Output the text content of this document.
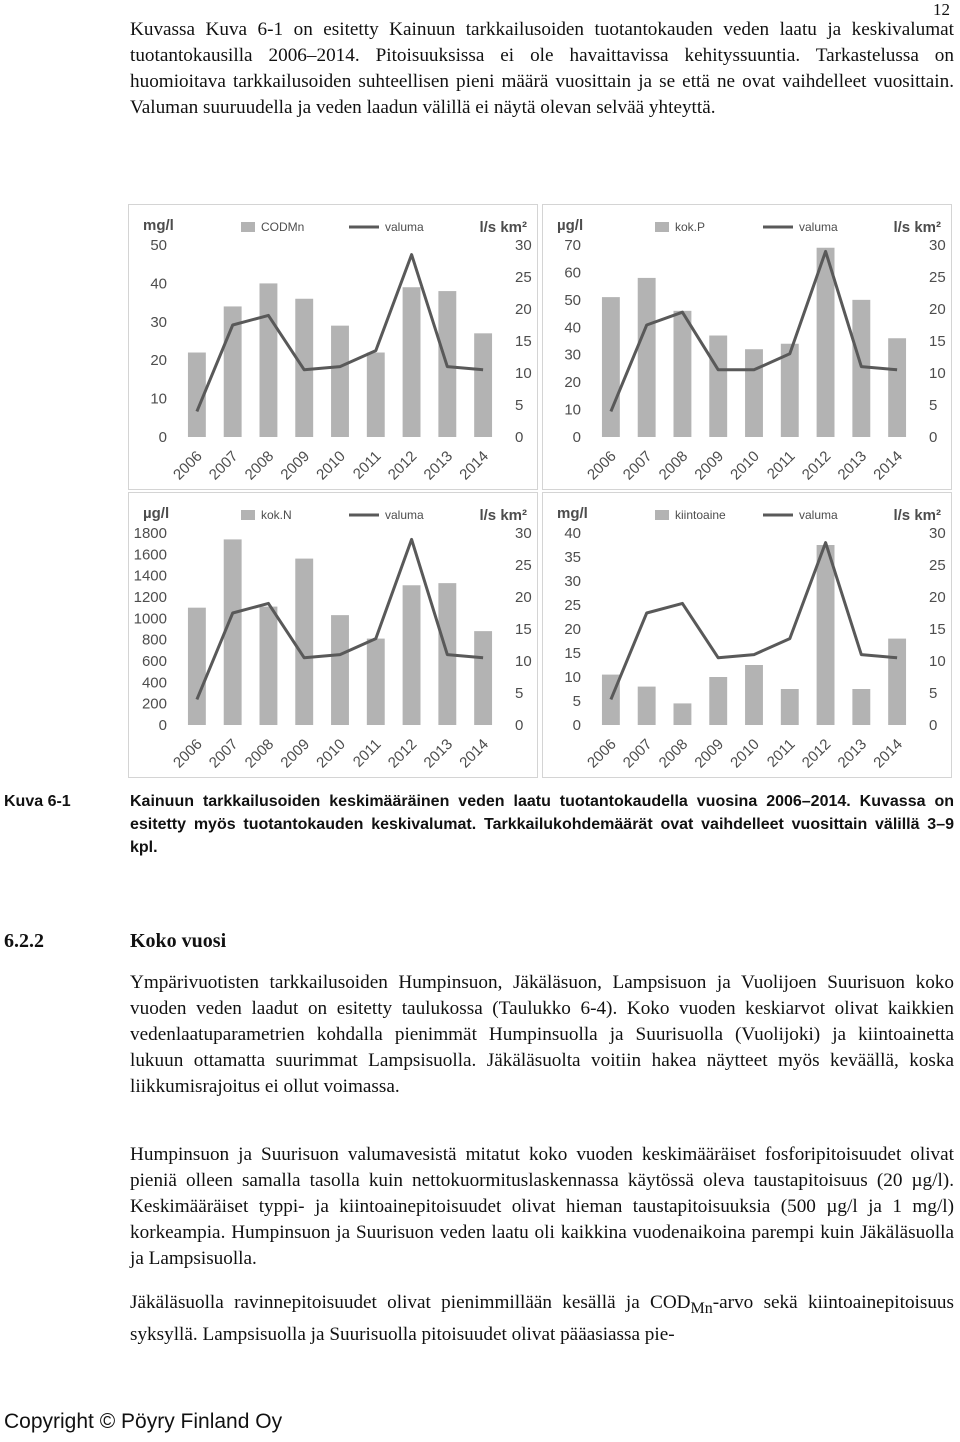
12

Kuvassa Kuva 6-1 on esitetty Kainuun tarkkailusoiden tuotantokauden veden laatu ja keskivalumat tuotantokausilla 2006–2014. Pitoisuuksissa ei ole havaittavissa kehityssuuntia. Tarkastelussa on huomioitava tarkkailusoiden suhteellisen pieni määrä vuosittain ja se että ne ovat vaihdelleet vuosittain. Valuman suuruudella ja veden laadun välillä ei näytä olevan selvää yhteyttä.

mg/l	l/s km²
CODMn	valuma
0
10
20
30
40
50
0
5
10
15
20
25
30
2006 2007 2008 2009 2010 2011 2012 2013 2014
µg/l	l/s km²
kok.P	valuma
0
10
20
30
40
50
60
70
0
5
10
15
20
25
30
2006 2007 2008 2009 2010 2011 2012 2013 2014
µg/l	l/s km²
kok.N	valuma
0
200
400
600
800
1000
1200
1400
1600
1800
0
5
10
15
20
25
30
2006 2007 2008 2009 2010 2011 2012 2013 2014
mg/l	l/s km²
kiintoaine	valuma
0
5
10
15
20
25
30
35
40
0
5
10
15
20
25
30
2006 2007 2008 2009 2010 2011 2012 2013 2014

Kuva 6-1	Kainuun tarkkailusoiden keskimääräinen veden laatu tuotantokaudella vuosina 2006–2014. Kuvassa on esitetty myös tuotantokauden keskivalumat. Tarkkailukohdemäärät ovat vaihdelleet vuosittain välillä 3–9 kpl.

6.2.2	Koko vuosi

Ympärivuotisten tarkkailusoiden Humpinsuon, Jäkäläsuon, Lampsisuon ja Vuolijoen Suurisuon koko vuoden veden laadut on esitetty taulukossa (Taulukko 6-4). Koko vuoden keskiarvot olivat kaikkien vedenlaatuparametrien kohdalla pienimmät Humpinsuolla ja Suurisuolla (Vuolijoki) ja kiintoainetta lukuun ottamatta suurimmat Lampsisuolla. Jäkäläsuolta voitiin hakea näytteet myös keväällä, koska liikkumisrajoitus ei ollut voimassa.

Humpinsuon ja Suurisuon valumavesistä mitatut koko vuoden keskimääräiset fosforipitoisuudet olivat pieniä olleen samalla tasolla kuin nettokuormituslaskennassa käytössä oleva taustapitoisuus (20 µg/l). Keskimääräiset typpi- ja kiintoainepitoisuudet olivat hieman taustapitoisuuksia (500 µg/l ja 1 mg/l) korkeampia. Humpinsuon ja Suurisuon veden laatu oli kaikkina vuodenaikoina parempi kuin Jäkäläsuolla ja Lampsisuolla.

Jäkäläsuolla ravinnepitoisuudet olivat pienimmillään kesällä ja $COD_{Mn}$-arvo sekä kiintoainepitoisuus syksyllä. Lampsisuolla ja Suurisuolla pitoisuudet olivat pääasiassa pie-

Copyright © Pöyry Finland Oy
